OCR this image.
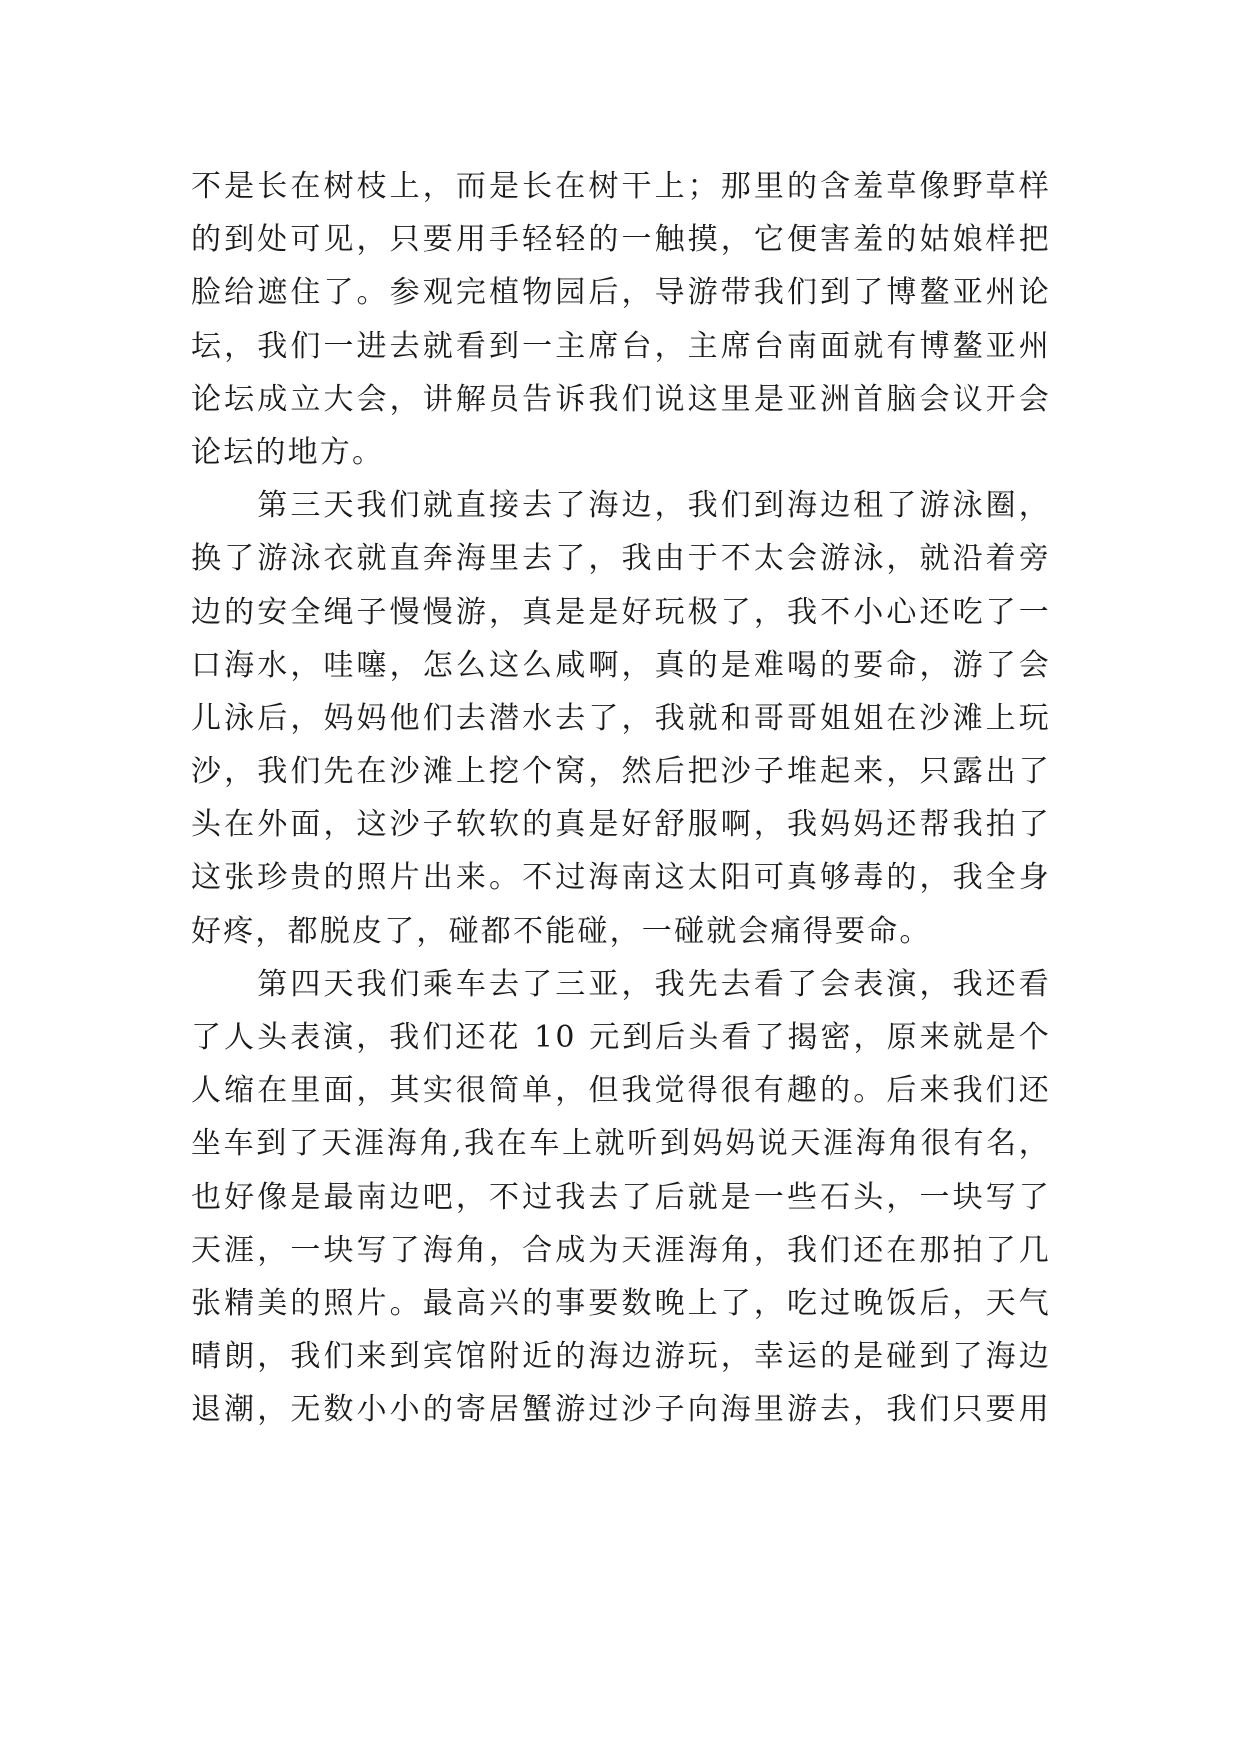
不是长在树枝上，而是长在树干上；那里的含羞草像野草样
的到处可见，只要用手轻轻的一触摸，它便害羞的姑娘样把
脸给遮住了。参观完植物园后，导游带我们到了博鳌亚州论
坛，我们一进去就看到一主席台，主席台南面就有博鳌亚州
论坛成立大会，讲解员告诉我们说这里是亚洲首脑会议开会
论坛的地方。
　　第三天我们就直接去了海边，我们到海边租了游泳圈，
换了游泳衣就直奔海里去了，我由于不太会游泳，就沿着旁
边的安全绳子慢慢游，真是是好玩极了，我不小心还吃了一
口海水，哇噻，怎么这么咸啊，真的是难喝的要命，游了会
儿泳后，妈妈他们去潜水去了，我就和哥哥姐姐在沙滩上玩
沙，我们先在沙滩上挖个窝，然后把沙子堆起来，只露出了
头在外面，这沙子软软的真是好舒服啊，我妈妈还帮我拍了
这张珍贵的照片出来。不过海南这太阳可真够毒的，我全身
好疼，都脱皮了，碰都不能碰，一碰就会痛得要命。
　　第四天我们乘车去了三亚，我先去看了会表演，我还看
了人头表演，我们还花 10 元到后头看了揭密，原来就是个
人缩在里面，其实很简单，但我觉得很有趣的。后来我们还
坐车到了天涯海角,我在车上就听到妈妈说天涯海角很有名，
也好像是最南边吧，不过我去了后就是一些石头，一块写了
天涯，一块写了海角，合成为天涯海角，我们还在那拍了几
张精美的照片。最高兴的事要数晚上了，吃过晚饭后，天气
晴朗，我们来到宾馆附近的海边游玩，幸运的是碰到了海边
退潮，无数小小的寄居蟹游过沙子向海里游去，我们只要用
